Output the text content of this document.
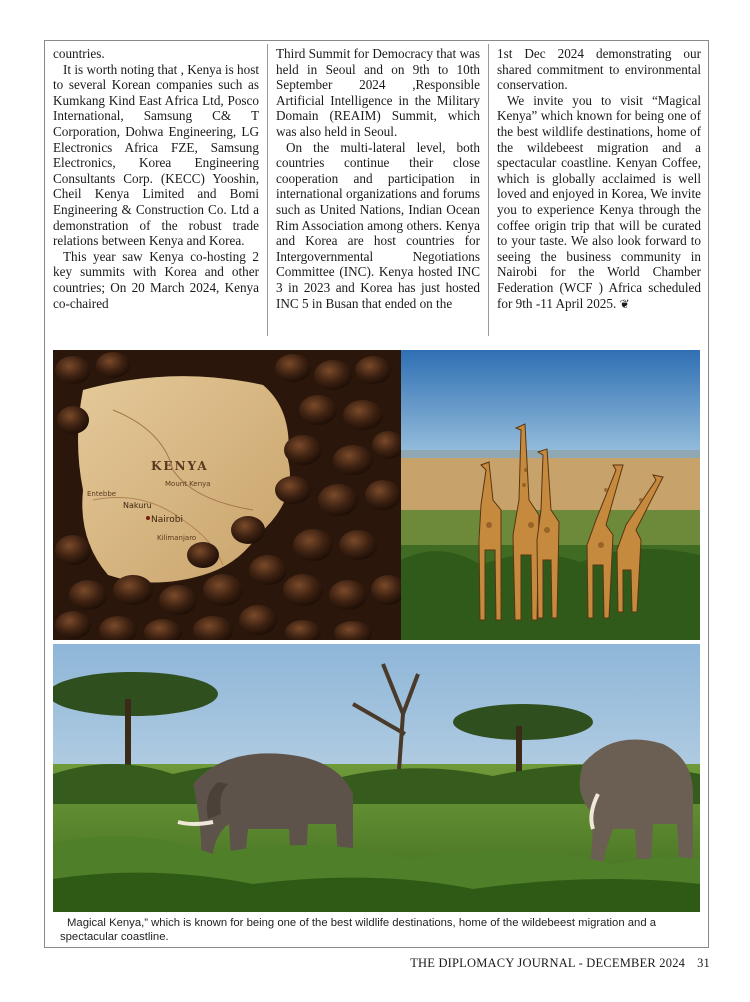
countries.

It is worth noting that , Kenya is host to several Korean companies such as Kumkang Kind East Africa Ltd, Posco International, Samsung C& T Corporation, Dohwa Engineering, LG Electronics Africa FZE, Samsung Electronics, Korea Engineering Consultants Corp. (KECC) Yooshin, Cheil Kenya Limited and Bomi Engineering & Construction Co. Ltd a demonstration of the robust trade relations between Kenya and Korea.

This year saw Kenya co-hosting 2 key summits with Korea and other countries; On 20 March 2024, Kenya co-chaired

Third Summit for Democracy that was held in Seoul and on 9th to 10th September 2024 ,Responsible Artificial Intelligence in the Military Domain (REAIM) Summit, which was also held in Seoul.

On the multi-lateral level, both countries continue their close cooperation and participation in international organizations and forums such as United Nations, Indian Ocean Rim Association among others. Kenya and Korea are host countries for Intergovernmental Negotiations Committee (INC). Kenya hosted INC 3 in 2023 and Korea has just hosted INC 5 in Busan that ended on the

1st Dec 2024 demonstrating our shared commitment to environmental conservation.

We invite you to visit “Magical Kenya” which known for being one of the best wildlife destinations, home of the wildebeest migration and a spectacular coastline. Kenyan Coffee, which is globally acclaimed is well loved and enjoyed in Korea, We invite you to experience Kenya through the coffee origin trip that will be curated to your taste. We also look forward to seeing the business community in Nairobi for the World Chamber Federation (WCF ) Africa scheduled for 9th -11 April 2025. ❦

KENYA
Mount Kenya
Nakuru
Nairobi
Kilimanjaro
Entebbe
Magical Kenya,” which is known for being one of the best wildlife destinations, home of the wildebeest migration and a spectacular coastline.
THE DIPLOMACY JOURNAL - DECEMBER 2024 31
